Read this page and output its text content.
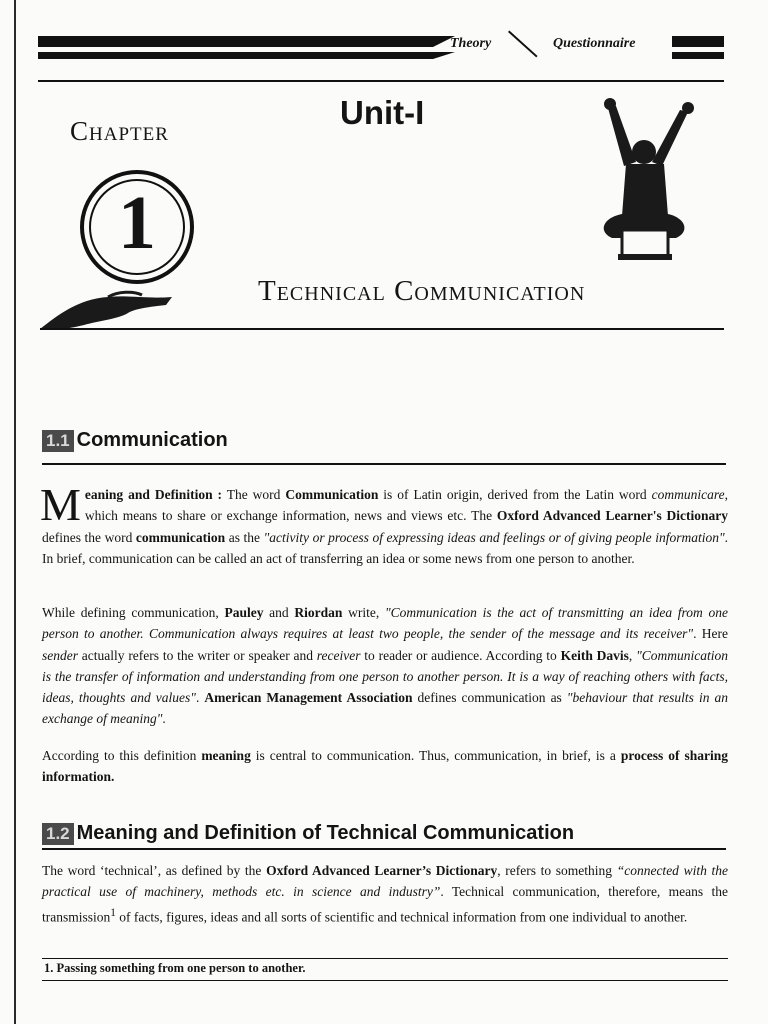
Theory	Questionnaire
Chapter	Unit-I
1
Technical Communication
1.1 Communication
Meaning and Definition : The word Communication is of Latin origin, derived from the Latin word communicare, which means to share or exchange information, news and views etc. The Oxford Advanced Learner's Dictionary defines the word communication as the "activity or process of expressing ideas and feelings or of giving people information". In brief, communication can be called an act of transferring an idea or some news from one person to another.
While defining communication, Pauley and Riordan write, "Communication is the act of transmitting an idea from one person to another. Communication always requires at least two people, the sender of the message and its receiver". Here sender actually refers to the writer or speaker and receiver to reader or audience. According to Keith Davis, "Communication is the transfer of information and understanding from one person to another person. It is a way of reaching others with facts, ideas, thoughts and values". American Management Association defines communication as "behaviour that results in an exchange of meaning".
According to this definition meaning is central to communication. Thus, communication, in brief, is a process of sharing information.
1.2 Meaning and Definition of Technical Communication
The word ‘technical’, as defined by the Oxford Advanced Learner’s Dictionary, refers to something “connected with the practical use of machinery, methods etc. in science and industry”. Technical communication, therefore, means the transmission$^1$ of facts, figures, ideas and all sorts of scientific and technical information from one individual to another.
1. Passing something from one person to another.
